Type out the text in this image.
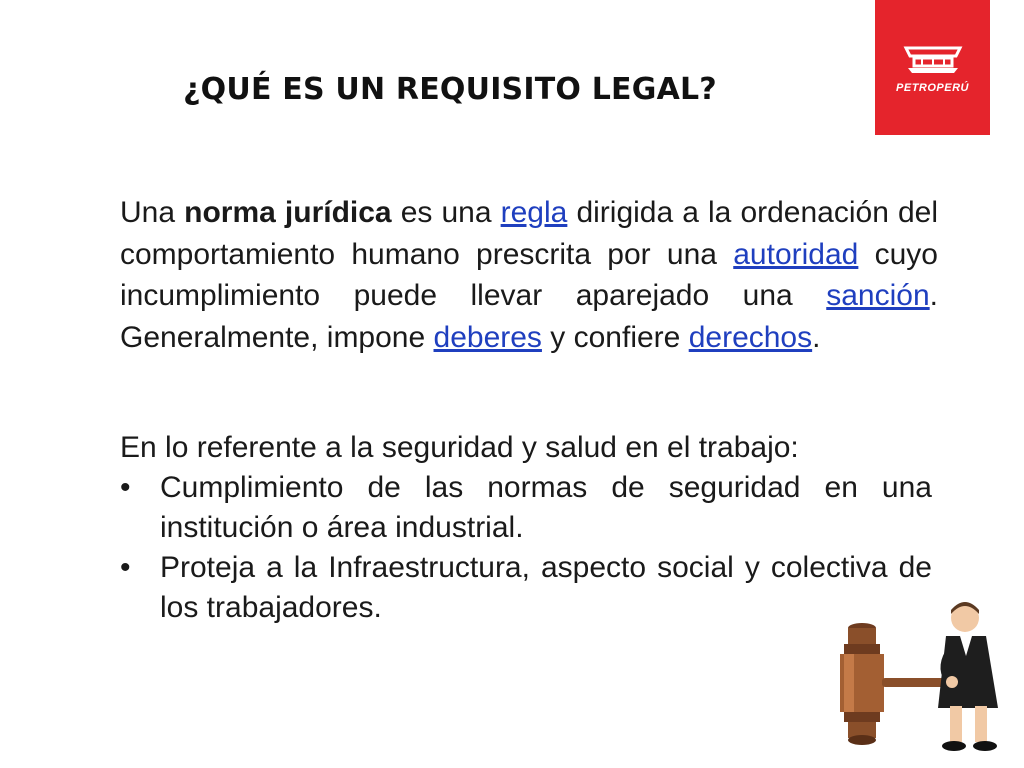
¿QUÉ ES UN REQUISITO LEGAL?	PETROPERÚ
Una norma jurídica es una regla dirigida a la ordenación del comportamiento humano prescrita por una autoridad cuyo incumplimiento puede llevar aparejado una sanción. Generalmente, impone deberes y confiere derechos.

En lo referente a la seguridad y salud en el trabajo:

• Cumplimiento de las normas de seguridad en una institución o área industrial.
• Proteja a la Infraestructura, aspecto social y colectiva de los trabajadores.
